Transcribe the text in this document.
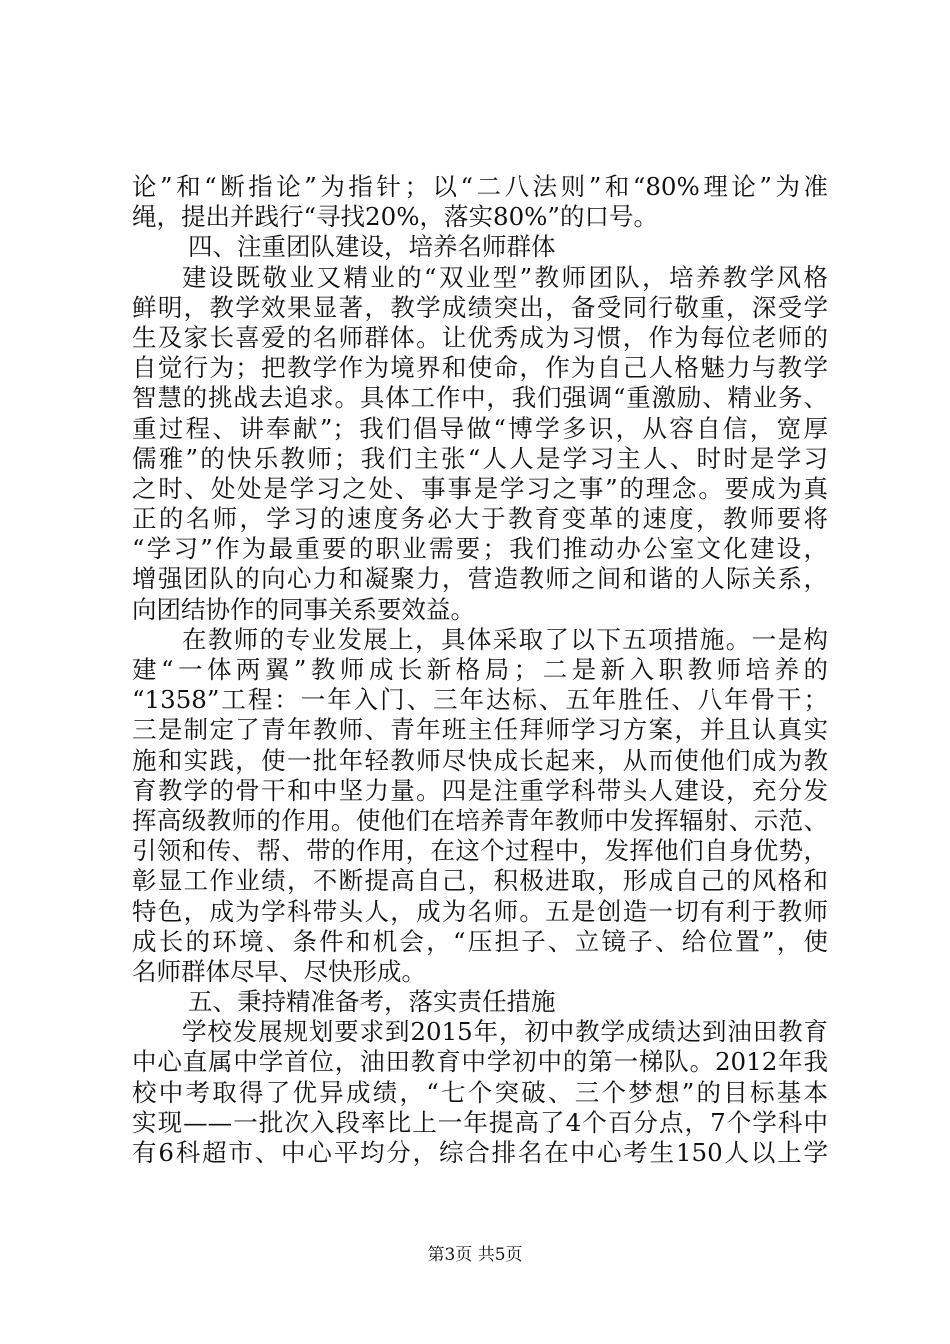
论”和“断指论”为指针；以“二八法则”和“80%理论”为准
绳，提出并践行“寻找20%，落实80%”的口号。
四、注重团队建设，培养名师群体
建设既敬业又精业的“双业型”教师团队，培养教学风格
鲜明，教学效果显著，教学成绩突出，备受同行敬重，深受学
生及家长喜爱的名师群体。让优秀成为习惯，作为每位老师的
自觉行为；把教学作为境界和使命，作为自己人格魅力与教学
智慧的挑战去追求。具体工作中，我们强调“重激励、精业务、
重过程、讲奉献”；我们倡导做“博学多识，从容自信，宽厚
儒雅”的快乐教师；我们主张“人人是学习主人、时时是学习
之时、处处是学习之处、事事是学习之事”的理念。要成为真
正的名师，学习的速度务必大于教育变革的速度，教师要将
“学习”作为最重要的职业需要；我们推动办公室文化建设，
增强团队的向心力和凝聚力，营造教师之间和谐的人际关系，
向团结协作的同事关系要效益。
在教师的专业发展上，具体采取了以下五项措施。一是构
建“一体两翼”教师成长新格局；二是新入职教师培养的
“1358”工程：一年入门、三年达标、五年胜任、八年骨干；
三是制定了青年教师、青年班主任拜师学习方案，并且认真实
施和实践，使一批年轻教师尽快成长起来，从而使他们成为教
育教学的骨干和中坚力量。四是注重学科带头人建设，充分发
挥高级教师的作用。使他们在培养青年教师中发挥辐射、示范、
引领和传、帮、带的作用，在这个过程中，发挥他们自身优势，
彰显工作业绩，不断提高自己，积极进取，形成自己的风格和
特色，成为学科带头人，成为名师。五是创造一切有利于教师
成长的环境、条件和机会，“压担子、立镜子、给位置”，使
名师群体尽早、尽快形成。
五、秉持精准备考，落实责任措施
学校发展规划要求到2015年，初中教学成绩达到油田教育
中心直属中学首位，油田教育中学初中的第一梯队。2012年我
校中考取得了优异成绩，“七个突破、三个梦想”的目标基本
实现——一批次入段率比上一年提高了4个百分点，7个学科中
有6科超市、中心平均分，综合排名在中心考生150人以上学
第3页 共5页
